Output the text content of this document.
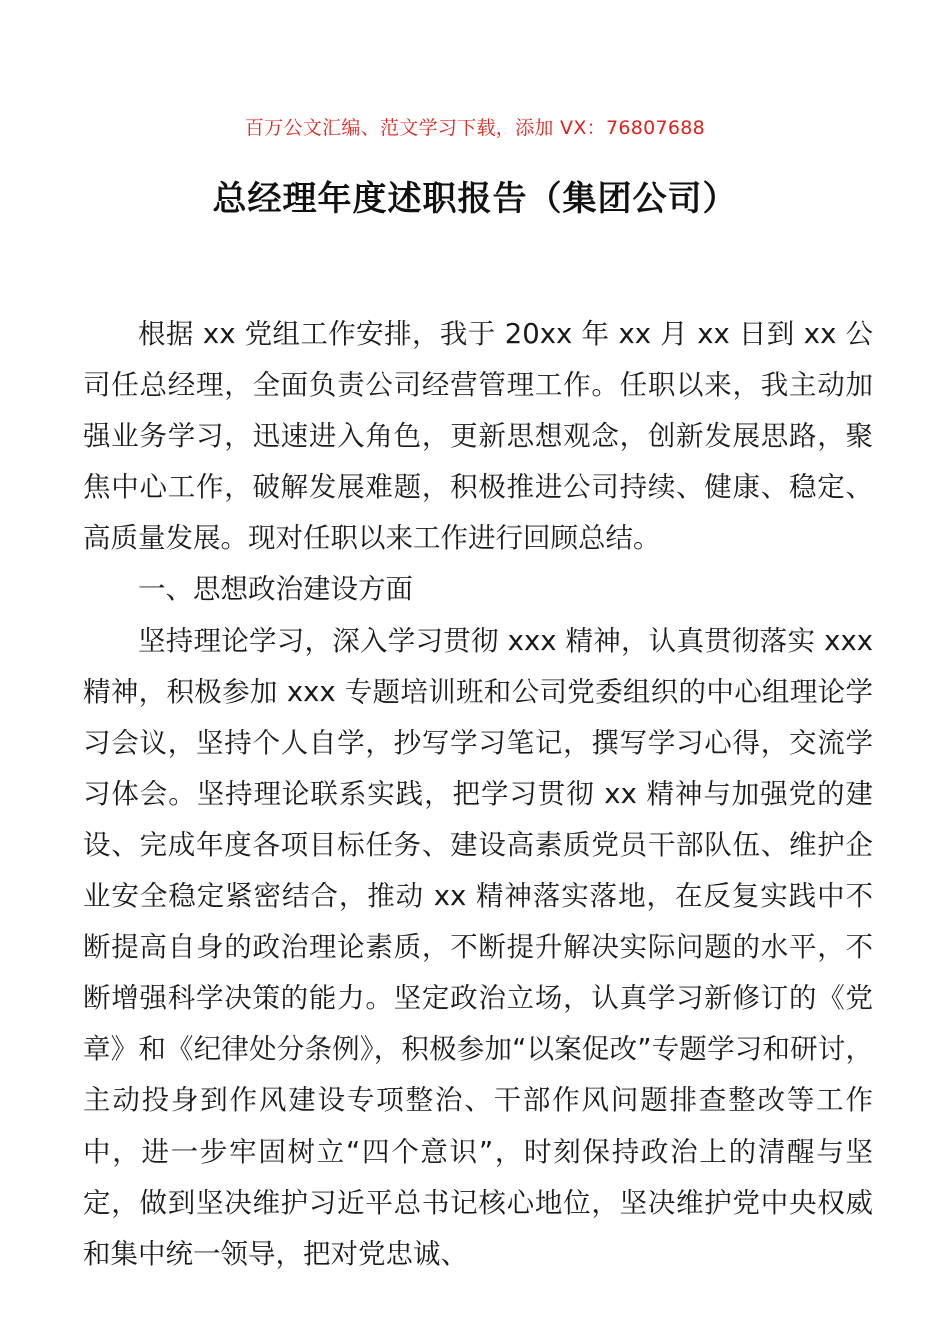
百万公文汇编、范文学习下载，添加 VX：76807688
总经理年度述职报告（集团公司）

根据 xx 党组工作安排，我于 20xx 年 xx 月 xx 日到 xx 公司任总经理，全面负责公司经营管理工作。任职以来，我主动加强业务学习，迅速进入角色，更新思想观念，创新发展思路，聚焦中心工作，破解发展难题，积极推进公司持续、健康、稳定、高质量发展。现对任职以来工作进行回顾总结。

一、思想政治建设方面

坚持理论学习，深入学习贯彻 xxx 精神，认真贯彻落实 xxx 精神，积极参加 xxx 专题培训班和公司党委组织的中心组理论学习会议，坚持个人自学，抄写学习笔记，撰写学习心得，交流学习体会。坚持理论联系实践，把学习贯彻 xx 精神与加强党的建设、完成年度各项目标任务、建设高素质党员干部队伍、维护企业安全稳定紧密结合，推动 xx 精神落实落地，在反复实践中不断提高自身的政治理论素质，不断提升解决实际问题的水平，不断增强科学决策的能力。坚定政治立场，认真学习新修订的《党章》和《纪律处分条例》，积极参加“以案促改”专题学习和研讨，主动投身到作风建设专项整治、干部作风问题排查整改等工作中，进一步牢固树立“四个意识”，时刻保持政治上的清醒与坚定，做到坚决维护习近平总书记核心地位，坚决维护党中央权威和集中统一领导，把对党忠诚、
